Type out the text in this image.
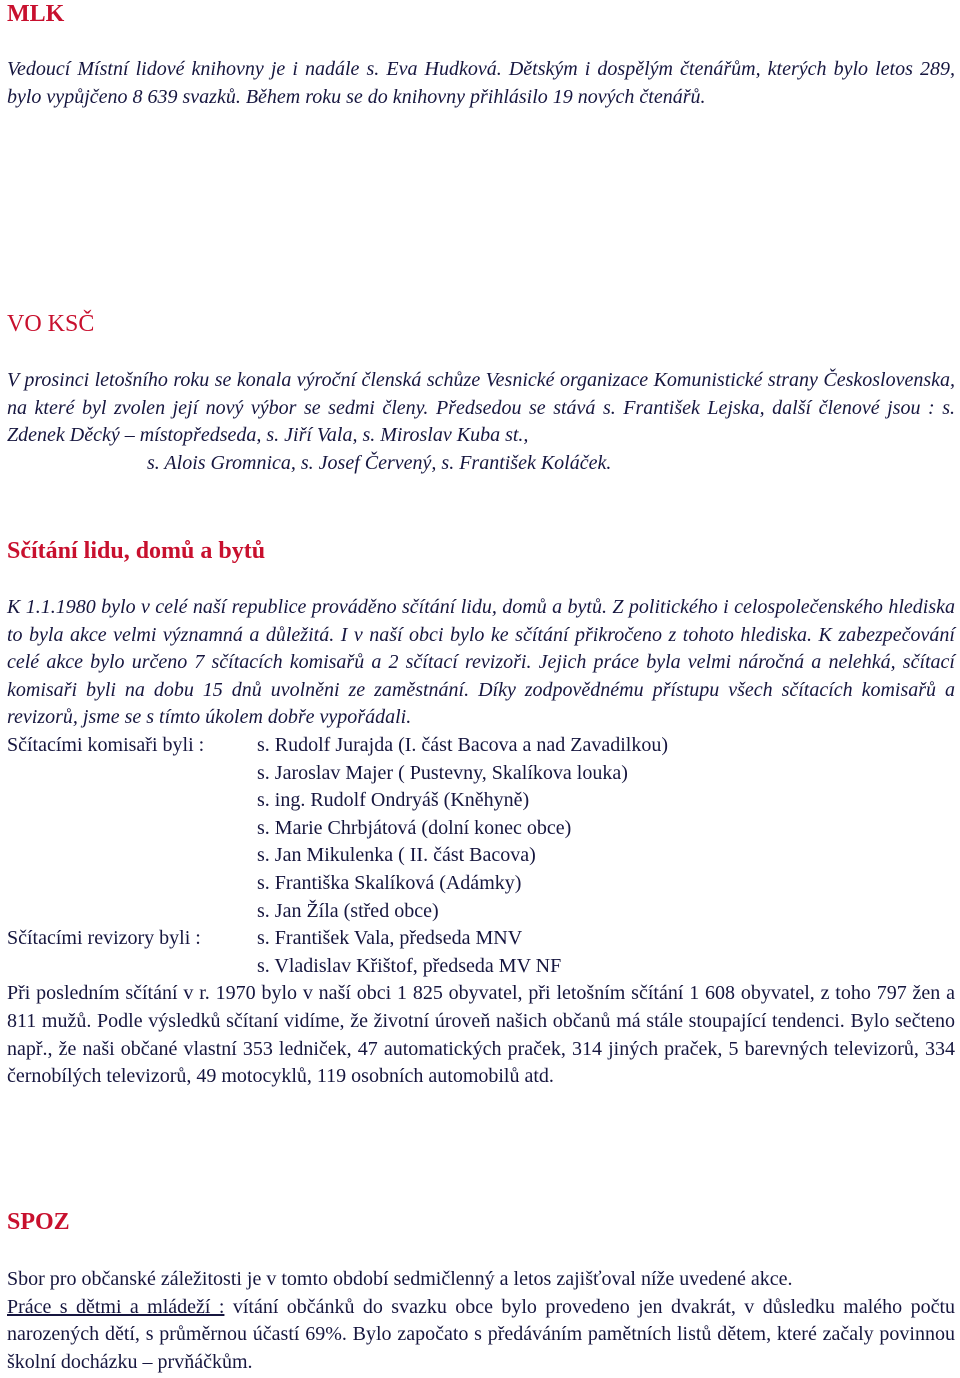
MLK

Vedoucí Místní lidové knihovny je i nadále s. Eva Hudková. Dětským i dospělým čtenářům, kterých bylo letos 289, bylo vypůjčeno 8 639 svazků. Během roku se do knihovny přihlásilo 19 nových čtenářů.

VO KSČ

V prosinci letošního roku se konala výroční členská schůze Vesnické organizace Komunistické strany Československa, na které byl zvolen její nový výbor se sedmi členy. Předsedou se stává s. František Lejska, další členové jsou : s. Zdenek Děcký – místopředseda, s. Jiří Vala, s. Miroslav Kuba st.,

s. Alois Gromnica, s. Josef Červený, s. František Koláček.
Sčítání lidu, domů a bytů

K 1.1.1980 bylo v celé naší republice prováděno sčítání lidu, domů a bytů. Z politického i celospolečenského hlediska to byla akce velmi významná a důležitá. I v naší obci bylo ke sčítání přikročeno z tohoto hlediska. K zabezpečování celé akce bylo určeno 7 sčítacích komisařů a 2 sčítací revizoři. Jejich práce byla velmi náročná a nelehká, sčítací komisaři byli na dobu 15 dnů uvolněni ze zaměstnání. Díky zodpovědnému přístupu všech sčítacích komisařů a revizorů, jsme se s tímto úkolem dobře vypořádali.

Sčítacími komisaři byli :	s. Rudolf Jurajda (I. část Bacova a nad Zavadilkou)
s. Jaroslav Majer ( Pustevny, Skalíkova louka)
s. ing. Rudolf Ondryáš (Kněhyně)
s. Marie Chrbjátová (dolní konec obce)
s. Jan Mikulenka ( II. část Bacova)
s. Františka Skalíková (Adámky)
s. Jan Žíla (střed obce)
Sčítacími revizory byli :	s. František Vala, předseda MNV
s. Vladislav Křištof, předseda MV NF

Při posledním sčítání v r. 1970 bylo v naší obci 1 825 obyvatel, při letošním sčítání 1 608 obyvatel, z toho 797 žen a 811 mužů. Podle výsledků sčítaní vidíme, že životní úroveň našich občanů má stále stoupající tendenci. Bylo sečteno např., že naši občané vlastní 353 ledniček, 47 automatických praček, 314 jiných praček, 5 barevných televizorů, 334 černobílých televizorů, 49 motocyklů, 119 osobních automobilů atd.

SPOZ

Sbor pro občanské záležitosti je v tomto období sedmičlenný a letos zajišťoval níže uvedené akce.

Práce s dětmi a mládeží : vítání občánků do svazku obce bylo provedeno jen dvakrát, v důsledku malého počtu narozených dětí, s průměrnou účastí 69%. Bylo započato s předáváním pamětních listů dětem, které začaly povinnou školní docházku – prvňáčkům.
